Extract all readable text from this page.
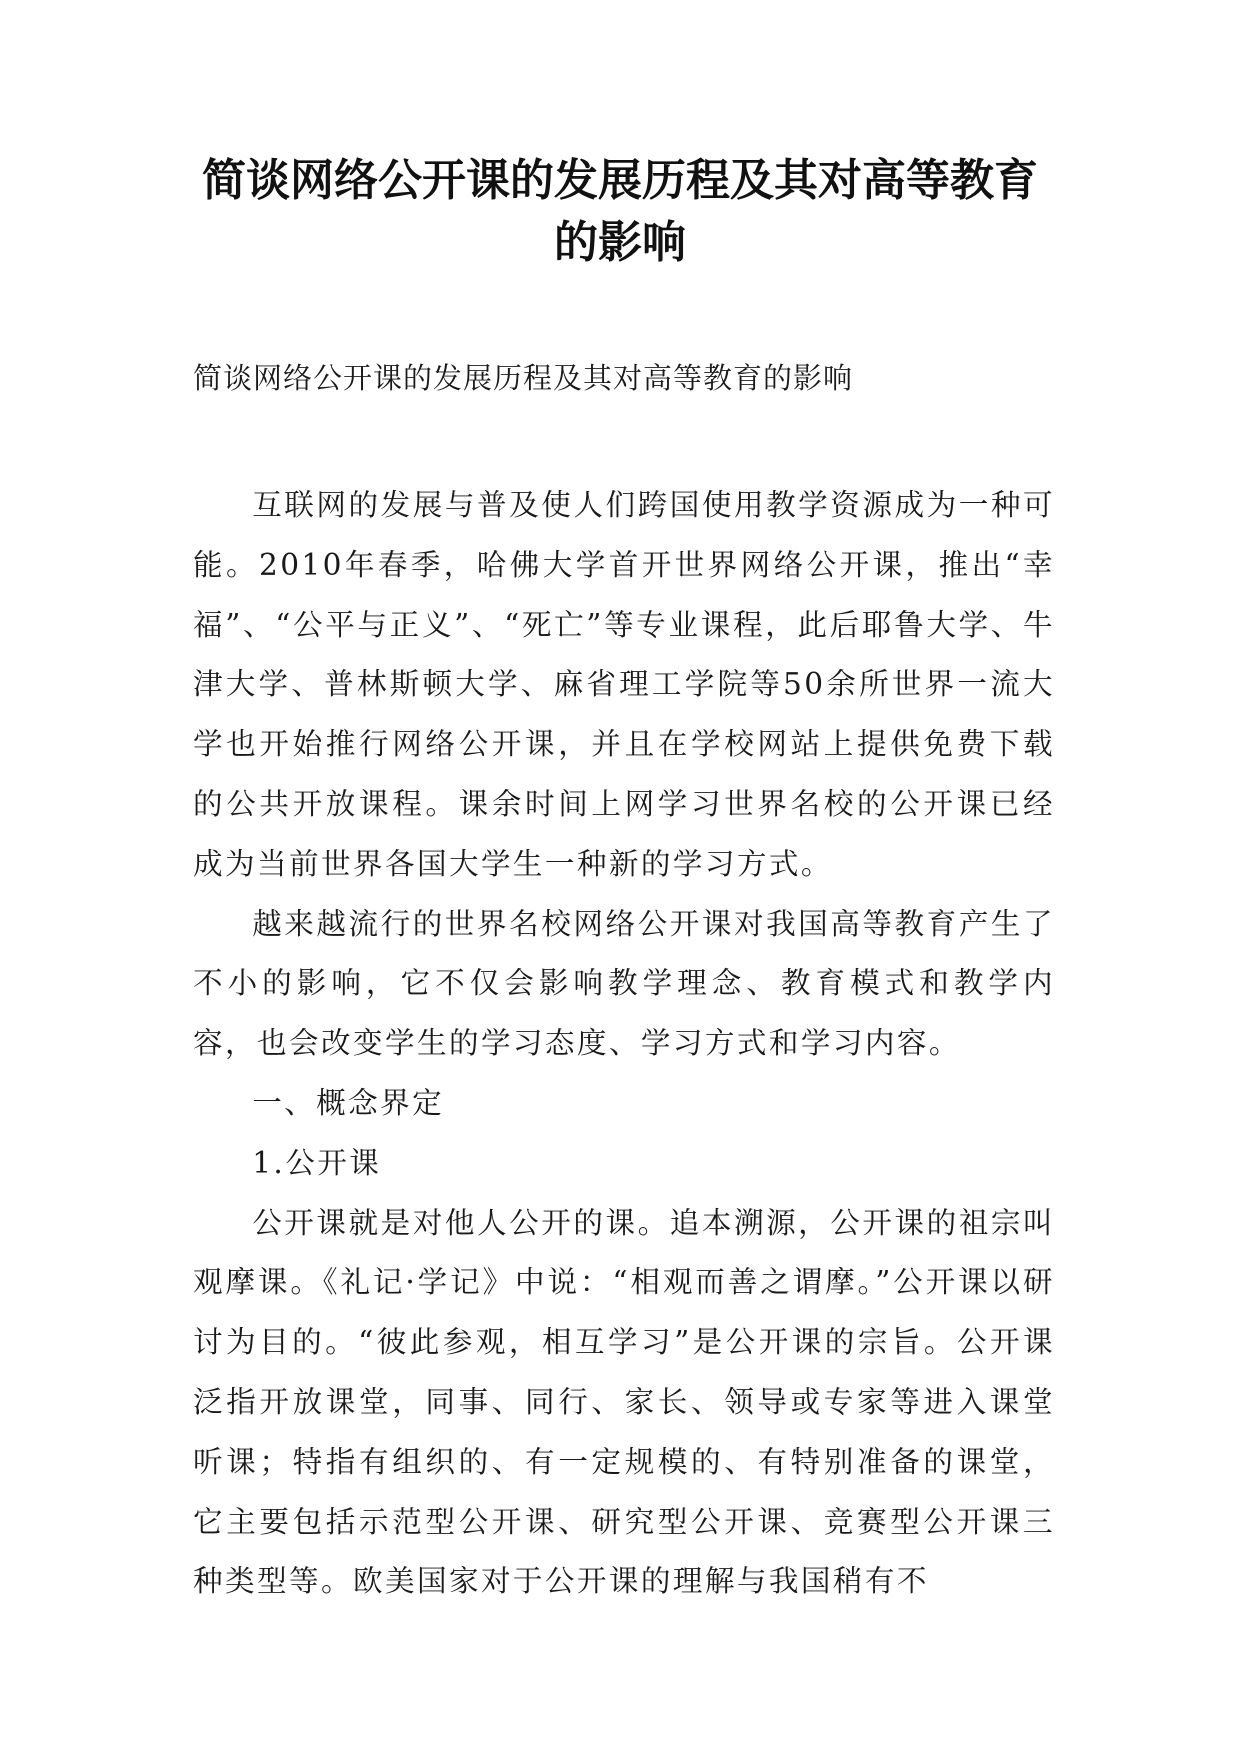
简谈网络公开课的发展历程及其对高等教育的影响

简谈网络公开课的发展历程及其对高等教育的影响

互联网的发展与普及使人们跨国使用教学资源成为一种可能。2010年春季，哈佛大学首开世界网络公开课，推出“幸福”、“公平与正义”、“死亡”等专业课程，此后耶鲁大学、牛津大学、普林斯顿大学、麻省理工学院等50余所世界一流大学也开始推行网络公开课，并且在学校网站上提供免费下载的公共开放课程。课余时间上网学习世界名校的公开课已经成为当前世界各国大学生一种新的学习方式。

越来越流行的世界名校网络公开课对我国高等教育产生了不小的影响，它不仅会影响教学理念、教育模式和教学内容，也会改变学生的学习态度、学习方式和学习内容。

一、概念界定

1.公开课

公开课就是对他人公开的课。追本溯源，公开课的祖宗叫观摩课。《礼记·学记》中说：“相观而善之谓摩。”公开课以研讨为目的。“彼此参观，相互学习”是公开课的宗旨。公开课泛指开放课堂，同事、同行、家长、领导或专家等进入课堂听课；特指有组织的、有一定规模的、有特别准备的课堂，它主要包括示范型公开课、研究型公开课、竞赛型公开课三种类型等。欧美国家对于公开课的理解与我国稍有不
